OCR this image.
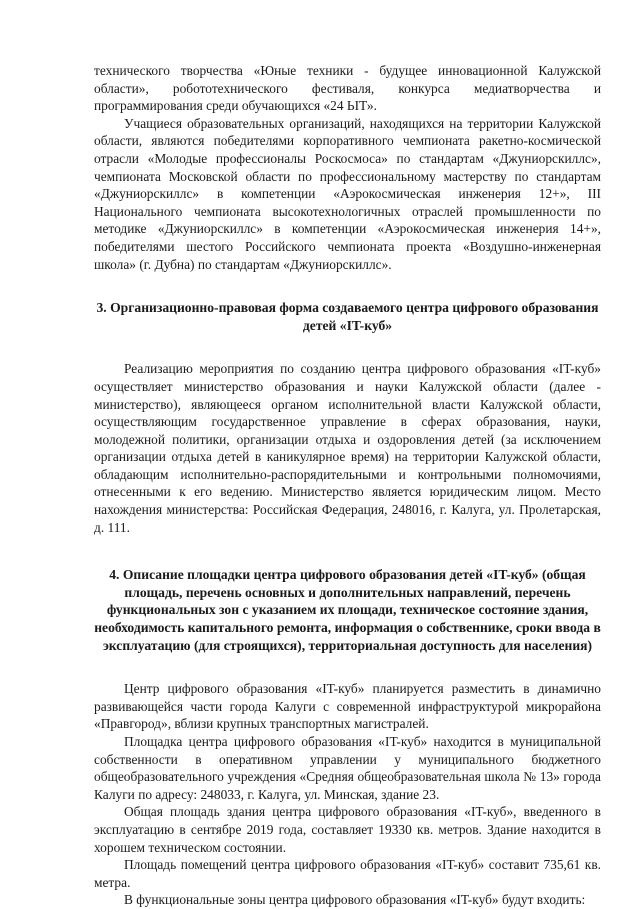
технического творчества «Юные техники - будущее инновационной Калужской области», робототехнического фестиваля, конкурса медиатворчества и программирования среди обучающихся «24 ЬIТ».

Учащиеся образовательных организаций, находящихся на территории Калужской области, являются победителями корпоративного чемпионата ракетно-космической отрасли «Молодые профессионалы Роскосмоса» по стандартам «Джуниорскиллс», чемпионата Московской области по профессиональному мастерству по стандартам «Джуниорскиллс» в компетенции «Аэрокосмическая инженерия 12+», III Национального чемпионата высокотехнологичных отраслей промышленности по методике «Джуниорскиллс» в компетенции «Аэрокосмическая инженерия 14+», победителями шестого Российского чемпионата проекта «Воздушно-инженерная школа» (г. Дубна) по стандартам «Джуниорскиллс».

3. Организационно-правовая форма создаваемого центра цифрового образования детей «IT-куб»

Реализацию мероприятия по созданию центра цифрового образования «IT-куб» осуществляет министерство образования и науки Калужской области (далее - министерство), являющееся органом исполнительной власти Калужской области, осуществляющим государственное управление в сферах образования, науки, молодежной политики, организации отдыха и оздоровления детей (за исключением организации отдыха детей в каникулярное время) на территории Калужской области, обладающим исполнительно-распорядительными и контрольными полномочиями, отнесенными к его ведению. Министерство является юридическим лицом. Место нахождения министерства: Российская Федерация, 248016, г. Калуга, ул. Пролетарская, д. 111.

4. Описание площадки центра цифрового образования детей «IT-куб» (общая площадь, перечень основных и дополнительных направлений, перечень функциональных зон с указанием их площади, техническое состояние здания, необходимость капитального ремонта, информация о собственнике, сроки ввода в эксплуатацию (для строящихся), территориальная доступность для населения)

Центр цифрового образования «IT-куб» планируется разместить в динамично развивающейся части города Калуги с современной инфраструктурой микрорайона «Правгород», вблизи крупных транспортных магистралей.

Площадка центра цифрового образования «IT-куб» находится в муниципальной собственности в оперативном управлении у муниципального бюджетного общеобразовательного учреждения «Средняя общеобразовательная школа № 13» города Калуги по адресу: 248033, г. Калуга, ул. Минская, здание 23.

Общая площадь здания центра цифрового образования «IT-куб», введенного в эксплуатацию в сентябре 2019 года, составляет 19330 кв. метров. Здание находится в хорошем техническом состоянии.

Площадь помещений центра цифрового образования «IT-куб» составит 735,61 кв. метра.

В функциональные зоны центра цифрового образования «IT-куб» будут входить:
